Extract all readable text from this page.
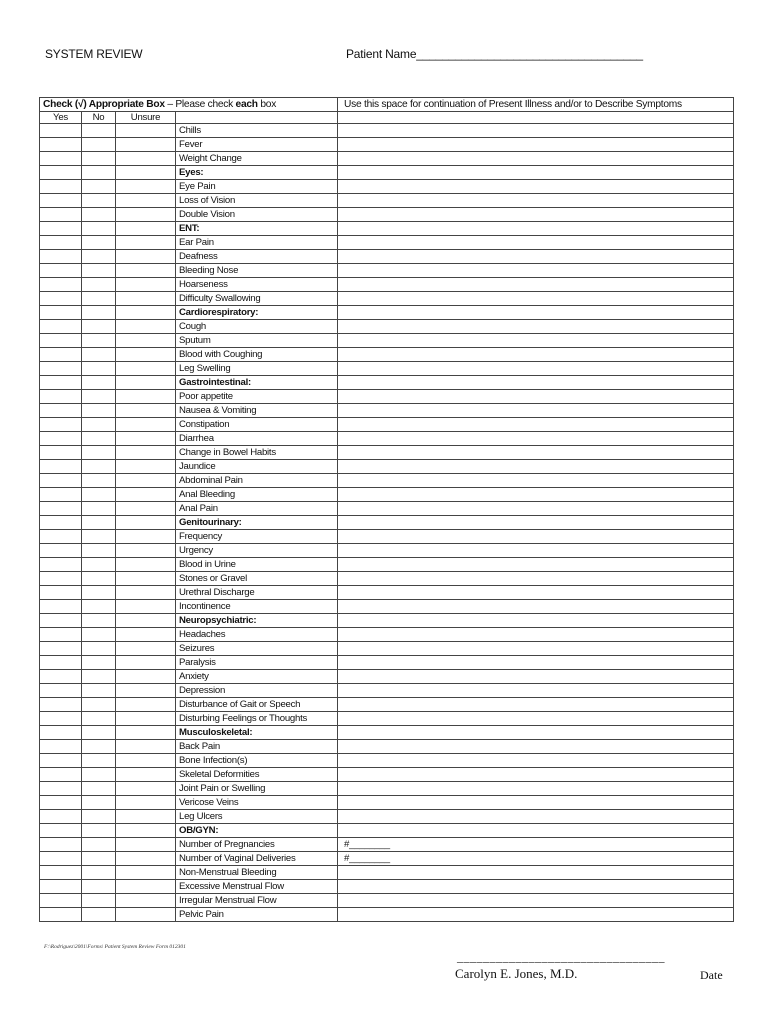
SYSTEM REVIEW	Patient Name___________________________________
Check (√) Appropriate Box – Please check each box				Use this space for continuation of Present Illness and/or to Describe Symptoms
Yes	No	Unsure		
			Chills	
			Fever	
			Weight Change	
			Eyes:	
			Eye Pain	
			Loss of Vision	
			Double Vision	
			ENT:	
			Ear Pain	
			Deafness	
			Bleeding Nose	
			Hoarseness	
			Difficulty Swallowing	
			Cardiorespiratory:	
			Cough	
			Sputum	
			Blood with Coughing	
			Leg Swelling	
			Gastrointestinal:	
			Poor appetite	
			Nausea & Vomiting	
			Constipation	
			Diarrhea	
			Change in Bowel Habits	
			Jaundice	
			Abdominal Pain	
			Anal Bleeding	
			Anal Pain	
			Genitourinary:	
			Frequency	
			Urgency	
			Blood in Urine	
			Stones or Gravel	
			Urethral Discharge	
			Incontinence	
			Neuropsychiatric:	
			Headaches	
			Seizures	
			Paralysis	
			Anxiety	
			Depression	
			Disturbance of Gait or Speech	
			Disturbing Feelings or Thoughts	
			Musculoskeletal:	
			Back Pain	
			Bone Infection(s)	
			Skeletal Deformities	
			Joint Pain or Swelling	
			Vericose Veins	
			Leg Ulcers	
			OB/GYN:	
			Number of Pregnancies	#________
			Number of Vaginal Deliveries	#________
			Non-Menstrual Bleeding	
			Excessive Menstrual Flow	
			Irregular Menstrual Flow	
			Pelvic Pain	
F:\Rodriguez\2001\Forms\ Patient System Review Form 012301
________________________________
Carolyn E. Jones, M.D.	Date
